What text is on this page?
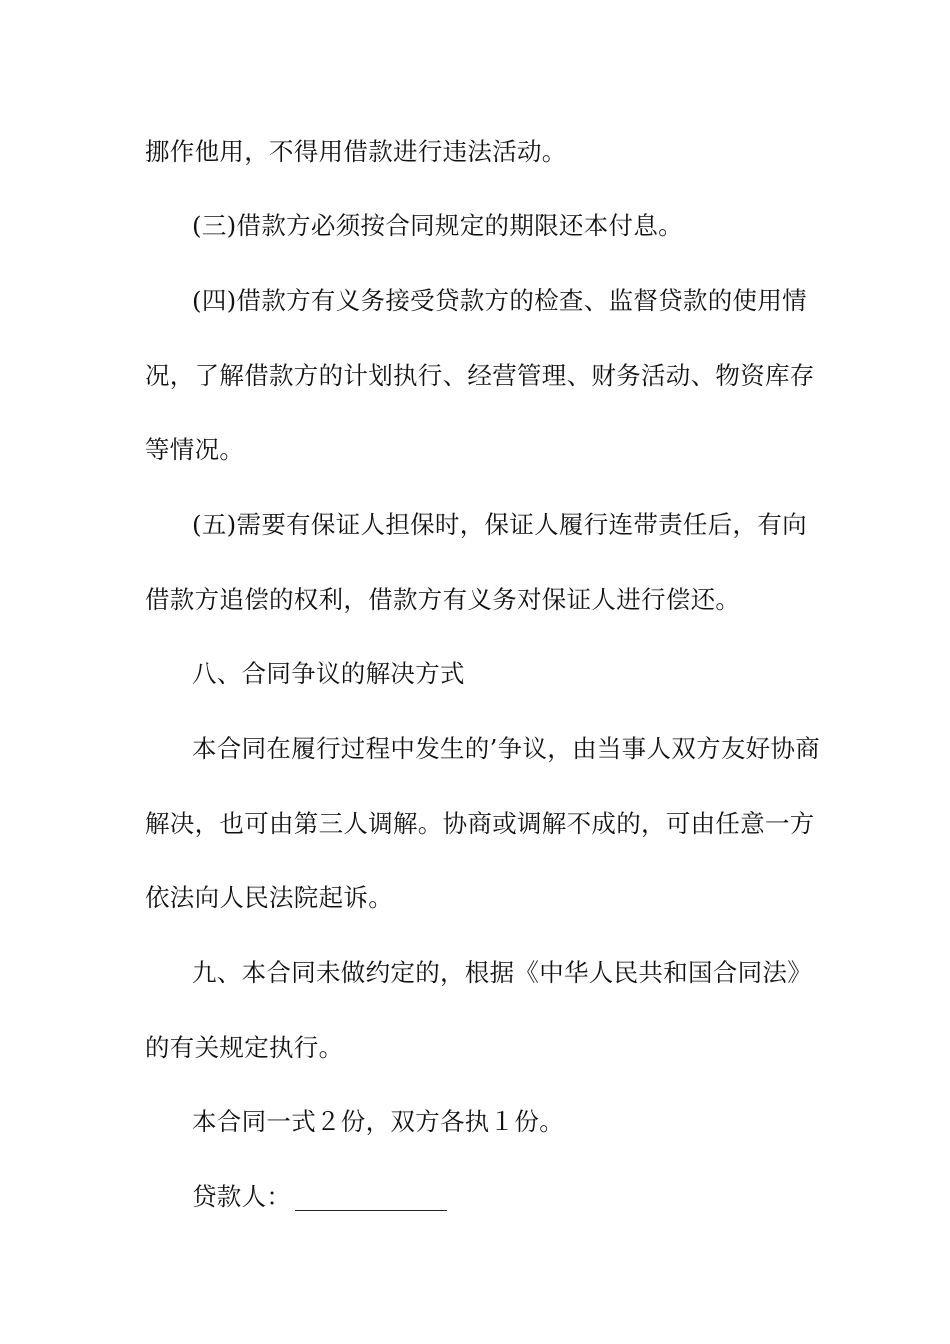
挪作他用，不得用借款进行违法活动。
(三)借款方必须按合同规定的期限还本付息。
(四)借款方有义务接受贷款方的检查、监督贷款的使用情
况，了解借款方的计划执行、经营管理、财务活动、物资库存
等情况。
(五)需要有保证人担保时，保证人履行连带责任后，有向
借款方追偿的权利，借款方有义务对保证人进行偿还。
八、合同争议的解决方式
本合同在履行过程中发生的’争议，由当事人双方友好协商
解决，也可由第三人调解。协商或调解不成的，可由任意一方
依法向人民法院起诉。
九、本合同未做约定的，根据《中华人民共和国合同法》
的有关规定执行。
本合同一式２份，双方各执１份。
贷款人：
